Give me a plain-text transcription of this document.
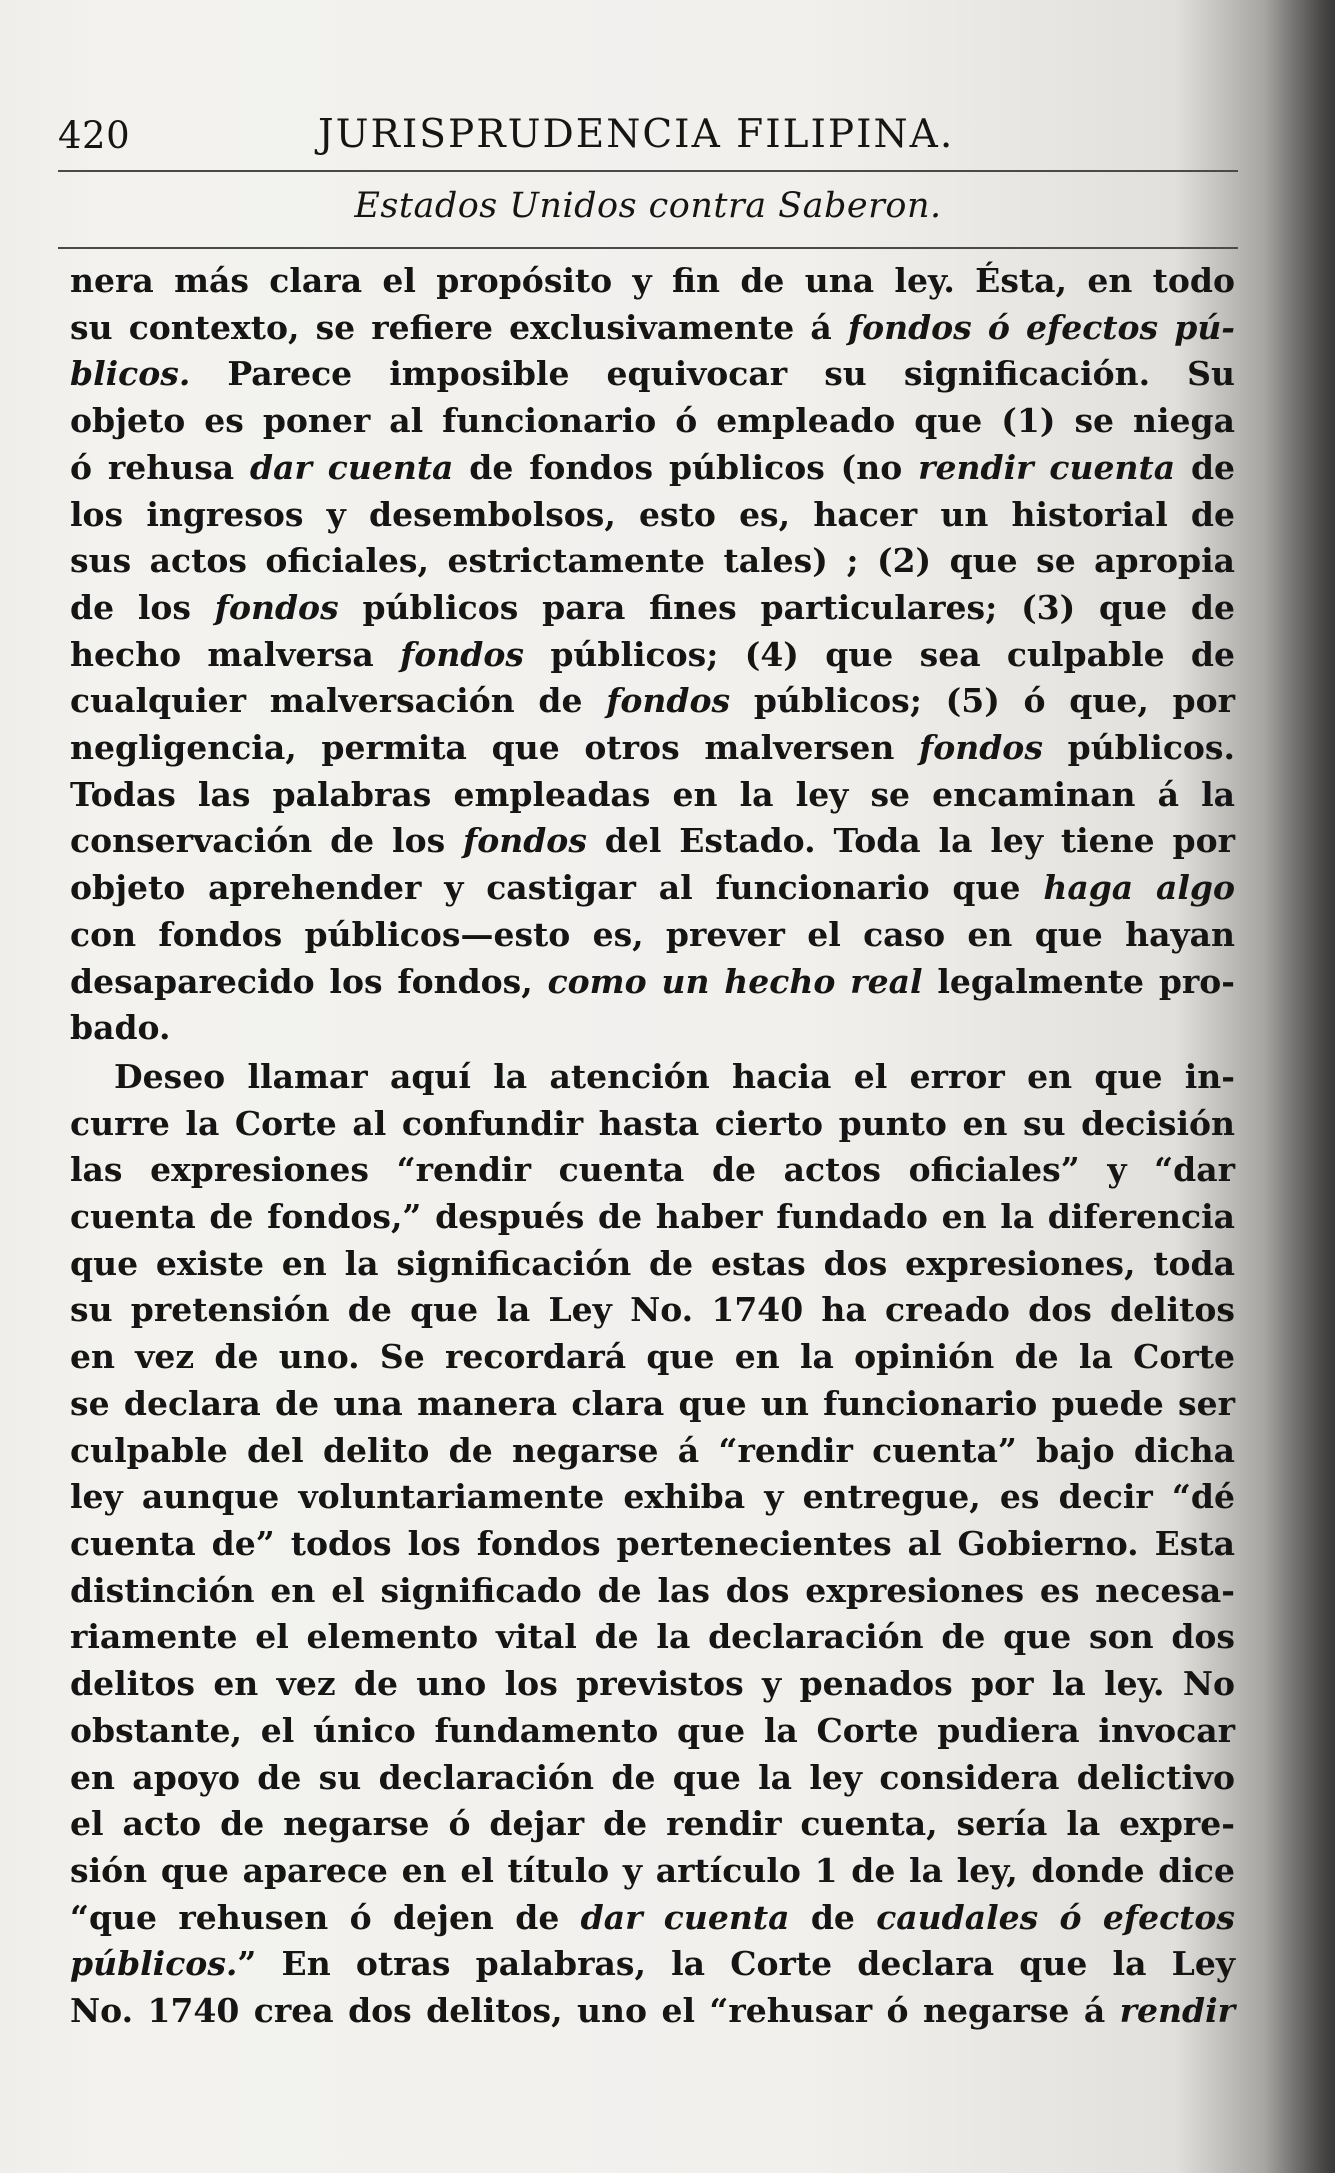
420	JURISPRUDENCIA FILIPINA.
Estados Unidos contra Saberon.
nera más clara el propósito y fin de una ley. Ésta, en todo
su contexto, se refiere exclusivamente á fondos ó efectos pú-
blicos. Parece imposible equivocar su significación. Su
objeto es poner al funcionario ó empleado que (1) se niega
ó rehusa dar cuenta de fondos públicos (no rendir cuenta de
los ingresos y desembolsos, esto es, hacer un historial de
sus actos oficiales, estrictamente tales) ; (2) que se apropia
de los fondos públicos para fines particulares; (3) que de
hecho malversa fondos públicos; (4) que sea culpable de
cualquier malversación de fondos públicos; (5) ó que, por
negligencia, permita que otros malversen fondos públicos.
Todas las palabras empleadas en la ley se encaminan á la
conservación de los fondos del Estado. Toda la ley tiene por
objeto aprehender y castigar al funcionario que haga algo
con fondos públicos—esto es, prever el caso en que hayan
desaparecido los fondos, como un hecho real legalmente pro-
bado.
Deseo llamar aquí la atención hacia el error en que in-
curre la Corte al confundir hasta cierto punto en su decisión
las expresiones “rendir cuenta de actos oficiales” y “dar
cuenta de fondos,” después de haber fundado en la diferencia
que existe en la significación de estas dos expresiones, toda
su pretensión de que la Ley No. 1740 ha creado dos delitos
en vez de uno. Se recordará que en la opinión de la Corte
se declara de una manera clara que un funcionario puede ser
culpable del delito de negarse á “rendir cuenta” bajo dicha
ley aunque voluntariamente exhiba y entregue, es decir “dé
cuenta de” todos los fondos pertenecientes al Gobierno. Esta
distinción en el significado de las dos expresiones es necesa-
riamente el elemento vital de la declaración de que son dos
delitos en vez de uno los previstos y penados por la ley. No
obstante, el único fundamento que la Corte pudiera invocar
en apoyo de su declaración de que la ley considera delictivo
el acto de negarse ó dejar de rendir cuenta, sería la expre-
sión que aparece en el título y artículo 1 de la ley, donde dice
“que rehusen ó dejen de dar cuenta de caudales ó efectos
públicos.” En otras palabras, la Corte declara que la Ley
No. 1740 crea dos delitos, uno el “rehusar ó negarse á rendir
